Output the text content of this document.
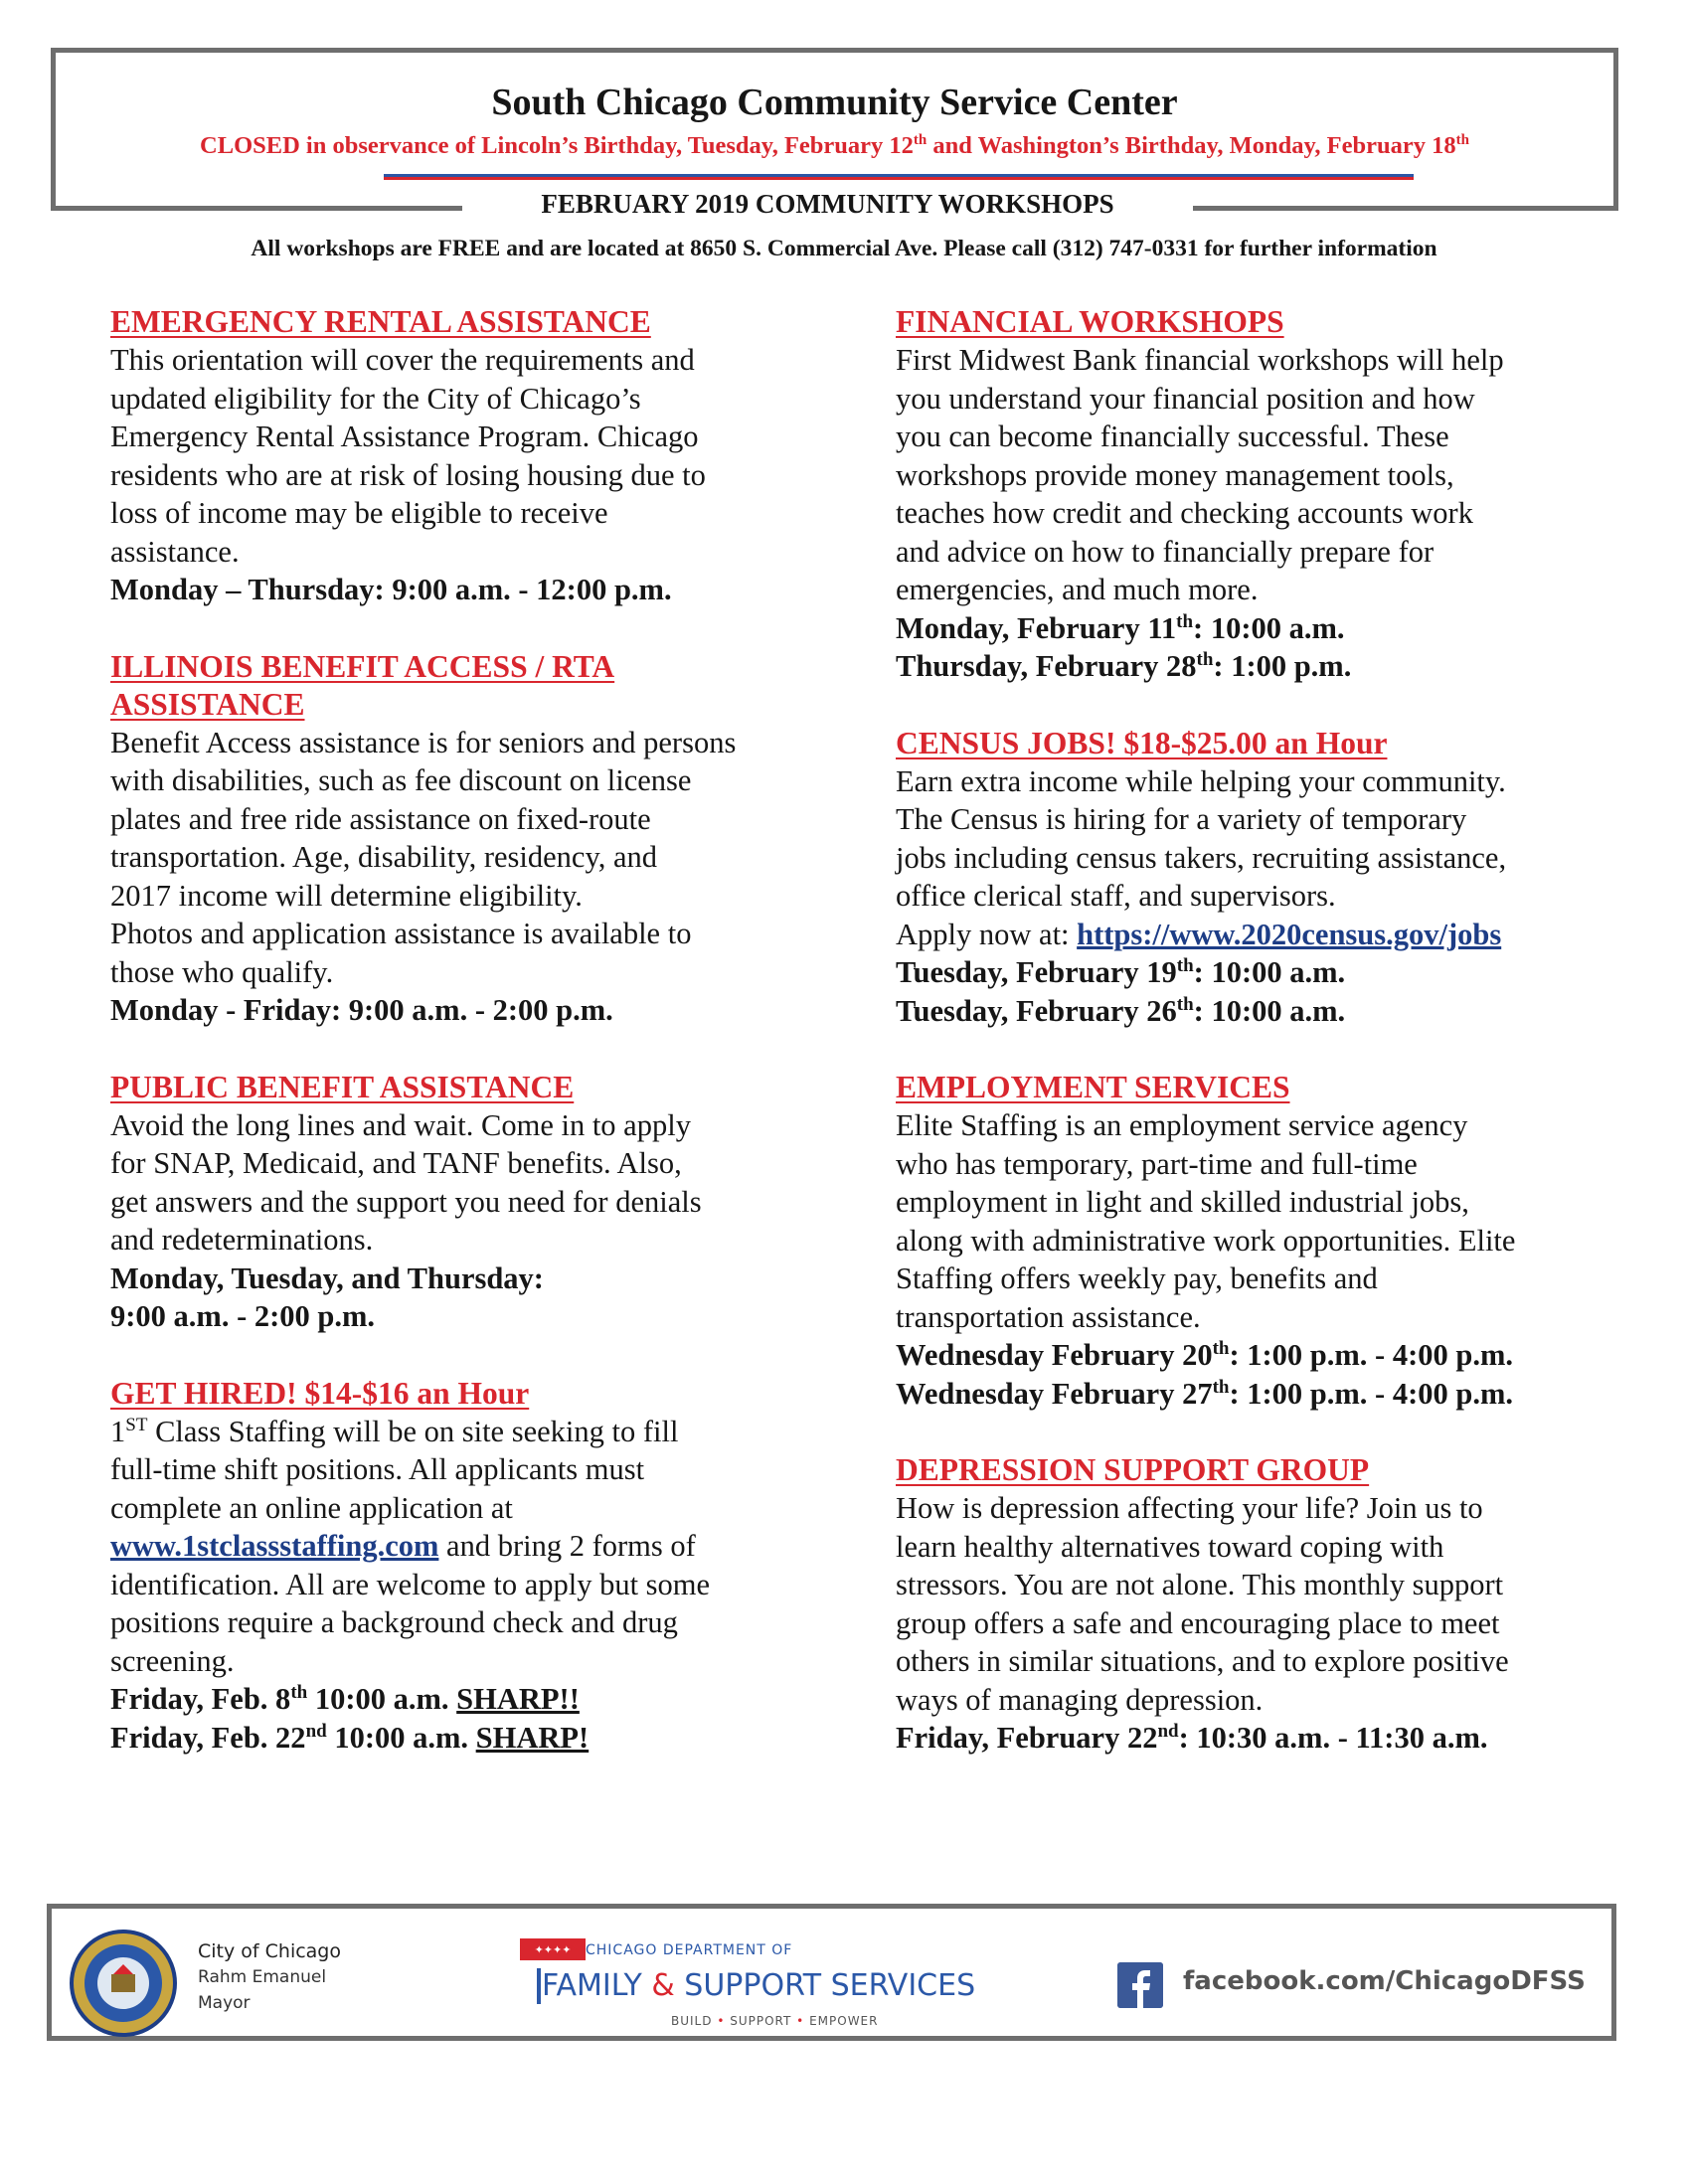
South Chicago Community Service Center
CLOSED in observance of Lincoln’s Birthday, Tuesday, February 12th and Washington’s Birthday, Monday, February 18th
FEBRUARY 2019 COMMUNITY WORKSHOPS
All workshops are FREE and are located at 8650 S. Commercial Ave. Please call (312) 747-0331 for further information
EMERGENCY RENTAL ASSISTANCE

This orientation will cover the requirements and

updated eligibility for the City of Chicago’s

Emergency Rental Assistance Program. Chicago

residents who are at risk of losing housing due to

loss of income may be eligible to receive

assistance.

Monday – Thursday: 9:00 a.m. - 12:00 p.m.

ILLINOIS BENEFIT ACCESS / RTA
ASSISTANCE

Benefit Access assistance is for seniors and persons

with disabilities, such as fee discount on license

plates and free ride assistance on fixed-route

transportation. Age, disability, residency, and

2017 income will determine eligibility.

Photos and application assistance is available to

those who qualify.

Monday - Friday: 9:00 a.m. - 2:00 p.m.

PUBLIC BENEFIT ASSISTANCE

Avoid the long lines and wait. Come in to apply

for SNAP, Medicaid, and TANF benefits. Also,

get answers and the support you need for denials

and redeterminations.

Monday, Tuesday, and Thursday:

9:00 a.m. - 2:00 p.m.

GET HIRED! $14-$16 an Hour

1ST Class Staffing will be on site seeking to fill

full-time shift positions. All applicants must

complete an online application at

www.1stclassstaffing.com and bring 2 forms of

identification. All are welcome to apply but some

positions require a background check and drug

screening.

Friday, Feb. 8th 10:00 a.m. SHARP!!

Friday, Feb. 22nd 10:00 a.m. SHARP!

FINANCIAL WORKSHOPS

First Midwest Bank financial workshops will help

you understand your financial position and how

you can become financially successful. These

workshops provide money management tools,

teaches how credit and checking accounts work

and advice on how to financially prepare for

emergencies, and much more.

Monday, February 11th: 10:00 a.m.

Thursday, February 28th: 1:00 p.m.

CENSUS JOBS! $18-$25.00 an Hour

Earn extra income while helping your community.

The Census is hiring for a variety of temporary

jobs including census takers, recruiting assistance,

office clerical staff, and supervisors.

Apply now at: https://www.2020census.gov/jobs

Tuesday, February 19th: 10:00 a.m.

Tuesday, February 26th: 10:00 a.m.

EMPLOYMENT SERVICES

Elite Staffing is an employment service agency

who has temporary, part-time and full-time

employment in light and skilled industrial jobs,

along with administrative work opportunities. Elite

Staffing offers weekly pay, benefits and

transportation assistance.

Wednesday February 20th: 1:00 p.m. - 4:00 p.m.

Wednesday February 27th: 1:00 p.m. - 4:00 p.m.

DEPRESSION SUPPORT GROUP

How is depression affecting your life? Join us to

learn healthy alternatives toward coping with

stressors. You are not alone. This monthly support

group offers a safe and encouraging place to meet

others in similar situations, and to explore positive

ways of managing depression.

Friday, February 22nd: 10:30 a.m. - 11:30 a.m.

City of Chicago
Rahm Emanuel
Mayor
✦✦✦✦ CHICAGO DEPARTMENT OF
FAMILY & SUPPORT SERVICES
BUILD • SUPPORT • EMPOWER
facebook.com/ChicagoDFSS
